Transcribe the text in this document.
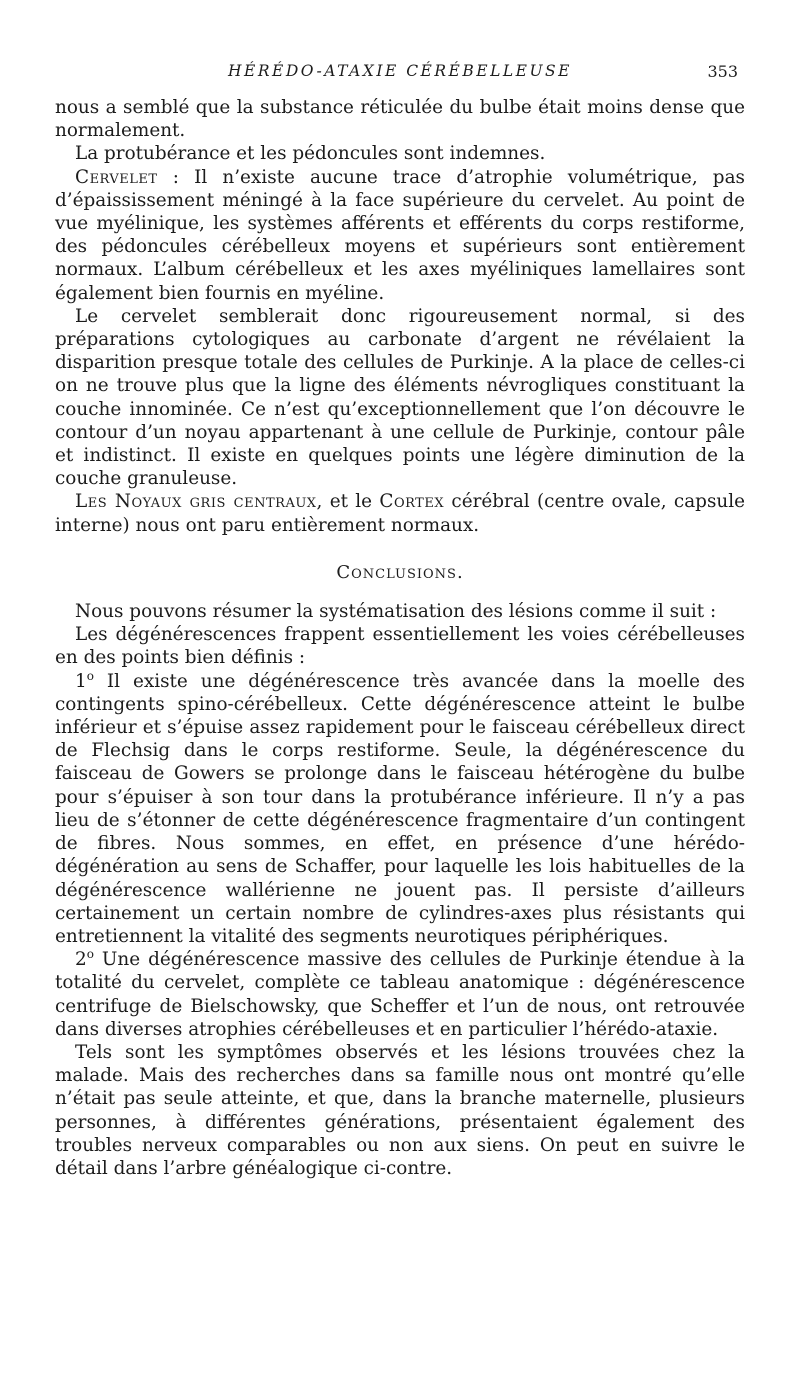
HÉRÉDO-ATAXIE CÉRÉBELLEUSE	353

nous a semblé que la substance réticulée du bulbe était moins dense que normalement.

La protubérance et les pédoncules sont indemnes.

Cervelet : Il n’existe aucune trace d’atrophie volumétrique, pas d’épaississement méningé à la face supérieure du cervelet. Au point de vue myélinique, les systèmes afférents et efférents du corps restiforme, des pédoncules cérébelleux moyens et supérieurs sont entièrement normaux. L’album cérébelleux et les axes myéliniques lamellaires sont également bien fournis en myéline.

Le cervelet semblerait donc rigoureusement normal, si des préparations cytologiques au carbonate d’argent ne révélaient la disparition presque totale des cellules de Purkinje. A la place de celles-ci on ne trouve plus que la ligne des éléments névrogliques constituant la couche innominée. Ce n’est qu’exceptionnellement que l’on découvre le contour d’un noyau appartenant à une cellule de Purkinje, contour pâle et indistinct. Il existe en quelques points une légère diminution de la couche granuleuse.

Les Noyaux gris centraux, et le Cortex cérébral (centre ovale, capsule interne) nous ont paru entièrement normaux.

Conclusions.

Nous pouvons résumer la systématisation des lésions comme il suit :

Les dégénérescences frappent essentiellement les voies cérébelleuses en des points bien définis :

1$^o$ Il existe une dégénérescence très avancée dans la moelle des contingents spino-cérébelleux. Cette dégénérescence atteint le bulbe inférieur et s’épuise assez rapidement pour le faisceau cérébelleux direct de Flechsig dans le corps restiforme. Seule, la dégénérescence du faisceau de Gowers se prolonge dans le faisceau hétérogène du bulbe pour s’épuiser à son tour dans la protubérance inférieure. Il n’y a pas lieu de s’étonner de cette dégénérescence fragmentaire d’un contingent de fibres. Nous sommes, en effet, en présence d’une hérédo-dégénération au sens de Schaffer, pour laquelle les lois habituelles de la dégénérescence wallérienne ne jouent pas. Il persiste d’ailleurs certainement un certain nombre de cylindres-axes plus résistants qui entretiennent la vitalité des segments neurotiques périphériques.

2$^o$ Une dégénérescence massive des cellules de Purkinje étendue à la totalité du cervelet, complète ce tableau anatomique : dégénérescence centrifuge de Bielschowsky, que Scheffer et l’un de nous, ont retrouvée dans diverses atrophies cérébelleuses et en particulier l’hérédo-ataxie.

Tels sont les symptômes observés et les lésions trouvées chez la malade. Mais des recherches dans sa famille nous ont montré qu’elle n’était pas seule atteinte, et que, dans la branche maternelle, plusieurs personnes, à différentes générations, présentaient également des troubles nerveux comparables ou non aux siens. On peut en suivre le détail dans l’arbre généalogique ci-contre.
